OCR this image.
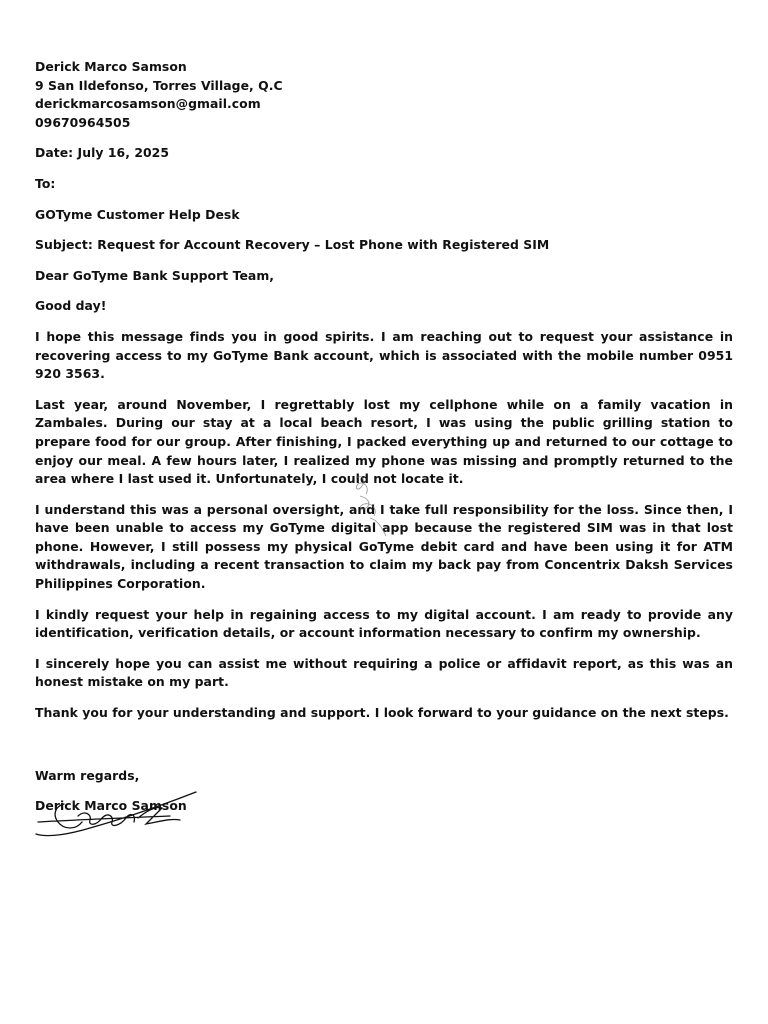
Derick Marco Samson
9 San Ildefonso, Torres Village, Q.C
derickmarcosamson@gmail.com
09670964505

Date: July 16, 2025

To:

GOTyme Customer Help Desk

Subject: Request for Account Recovery – Lost Phone with Registered SIM

Dear GoTyme Bank Support Team,

Good day!

I hope this message finds you in good spirits. I am reaching out to request your assistance in recovering access to my GoTyme Bank account, which is associated with the mobile number 0951 920 3563.

Last year, around November, I regrettably lost my cellphone while on a family vacation in Zambales. During our stay at a local beach resort, I was using the public grilling station to prepare food for our group. After finishing, I packed everything up and returned to our cottage to enjoy our meal. A few hours later, I realized my phone was missing and promptly returned to the area where I last used it. Unfortunately, I could not locate it.

I understand this was a personal oversight, and I take full responsibility for the loss. Since then, I have been unable to access my GoTyme digital app because the registered SIM was in that lost phone. However, I still possess my physical GoTyme debit card and have been using it for ATM withdrawals, including a recent transaction to claim my back pay from Concentrix Daksh Services Philippines Corporation.

I kindly request your help in regaining access to my digital account. I am ready to provide any identification, verification details, or account information necessary to confirm my ownership.

I sincerely hope you can assist me without requiring a police or affidavit report, as this was an honest mistake on my part.

Thank you for your understanding and support. I look forward to your guidance on the next steps.

Warm regards,
Derick Marco Samson
